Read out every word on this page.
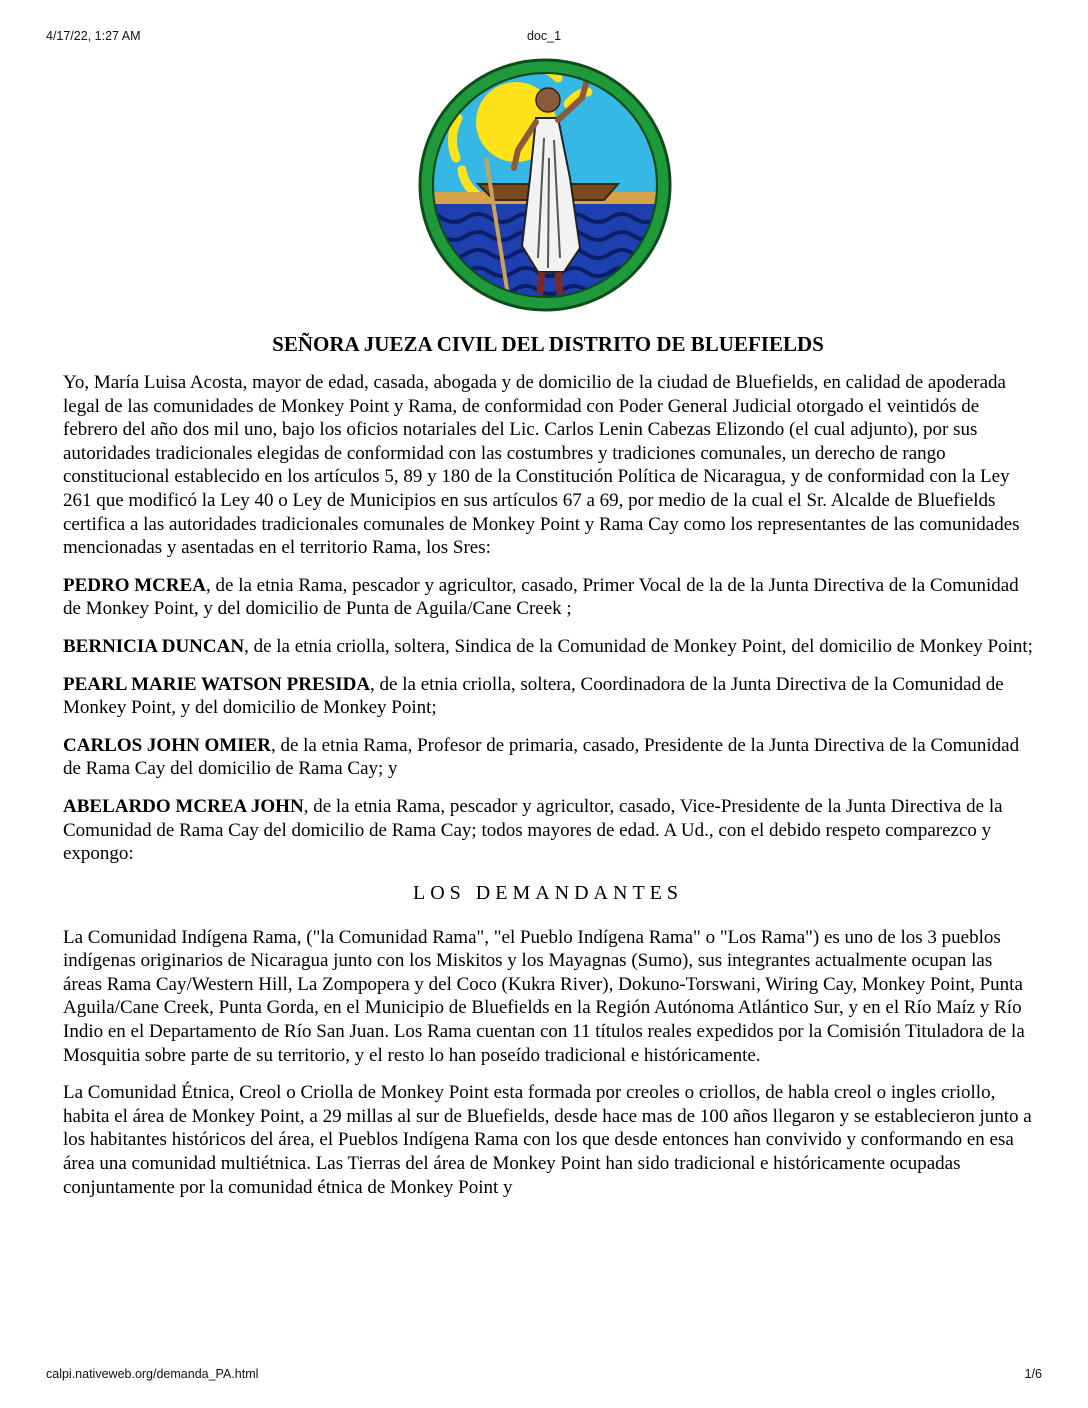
4/17/22, 1:27 AM	doc_1
SEÑORA JUEZA CIVIL DEL DISTRITO DE BLUEFIELDS

Yo, María Luisa Acosta, mayor de edad, casada, abogada y de domicilio de la ciudad de Bluefields, en calidad de apoderada legal de las comunidades de Monkey Point y Rama, de conformidad con Poder General Judicial otorgado el veintidós de febrero del año dos mil uno, bajo los oficios notariales del Lic. Carlos Lenin Cabezas Elizondo (el cual adjunto), por sus autoridades tradicionales elegidas de conformidad con las costumbres y tradiciones comunales, un derecho de rango constitucional establecido en los artículos 5, 89 y 180 de la Constitución Política de Nicaragua, y de conformidad con la Ley 261 que modificó la Ley 40 o Ley de Municipios en sus artículos 67 a 69, por medio de la cual el Sr. Alcalde de Bluefields certifica a las autoridades tradicionales comunales de Monkey Point y Rama Cay como los representantes de las comunidades mencionadas y asentadas en el territorio Rama, los Sres:

PEDRO MCREA, de la etnia Rama, pescador y agricultor, casado, Primer Vocal de la de la Junta Directiva de la Comunidad de Monkey Point, y del domicilio de Punta de Aguila/Cane Creek ;

BERNICIA DUNCAN, de la etnia criolla, soltera, Sindica de la Comunidad de Monkey Point, del domicilio de Monkey Point;

PEARL MARIE WATSON PRESIDA, de la etnia criolla, soltera, Coordinadora de la Junta Directiva de la Comunidad de Monkey Point, y del domicilio de Monkey Point;

CARLOS JOHN OMIER, de la etnia Rama, Profesor de primaria, casado, Presidente de la Junta Directiva de la Comunidad de Rama Cay del domicilio de Rama Cay; y

ABELARDO MCREA JOHN, de la etnia Rama, pescador y agricultor, casado, Vice-Presidente de la Junta Directiva de la Comunidad de Rama Cay del domicilio de Rama Cay; todos mayores de edad. A Ud., con el debido respeto comparezco y expongo:

LOS DEMANDANTES

La Comunidad Indígena Rama, ("la Comunidad Rama", "el Pueblo Indígena Rama" o "Los Rama") es uno de los 3 pueblos indígenas originarios de Nicaragua junto con los Miskitos y los Mayagnas (Sumo), sus integrantes actualmente ocupan las áreas Rama Cay/Western Hill, La Zompopera y del Coco (Kukra River), Dokuno-Torswani, Wiring Cay, Monkey Point, Punta Aguila/Cane Creek, Punta Gorda, en el Municipio de Bluefields en la Región Autónoma Atlántico Sur, y en el Río Maíz y Río Indio en el Departamento de Río San Juan. Los Rama cuentan con 11 títulos reales expedidos por la Comisión Tituladora de la Mosquitia sobre parte de su territorio, y el resto lo han poseído tradicional e históricamente.

La Comunidad Étnica, Creol o Criolla de Monkey Point esta formada por creoles o criollos, de habla creol o ingles criollo, habita el área de Monkey Point, a 29 millas al sur de Bluefields, desde hace mas de 100 años llegaron y se establecieron junto a los habitantes históricos del área, el Pueblos Indígena Rama con los que desde entonces han convivido y conformando en esa área una comunidad multiétnica. Las Tierras del área de Monkey Point han sido tradicional e históricamente ocupadas conjuntamente por la comunidad étnica de Monkey Point y

calpi.nativeweb.org/demanda_PA.html	1/6
